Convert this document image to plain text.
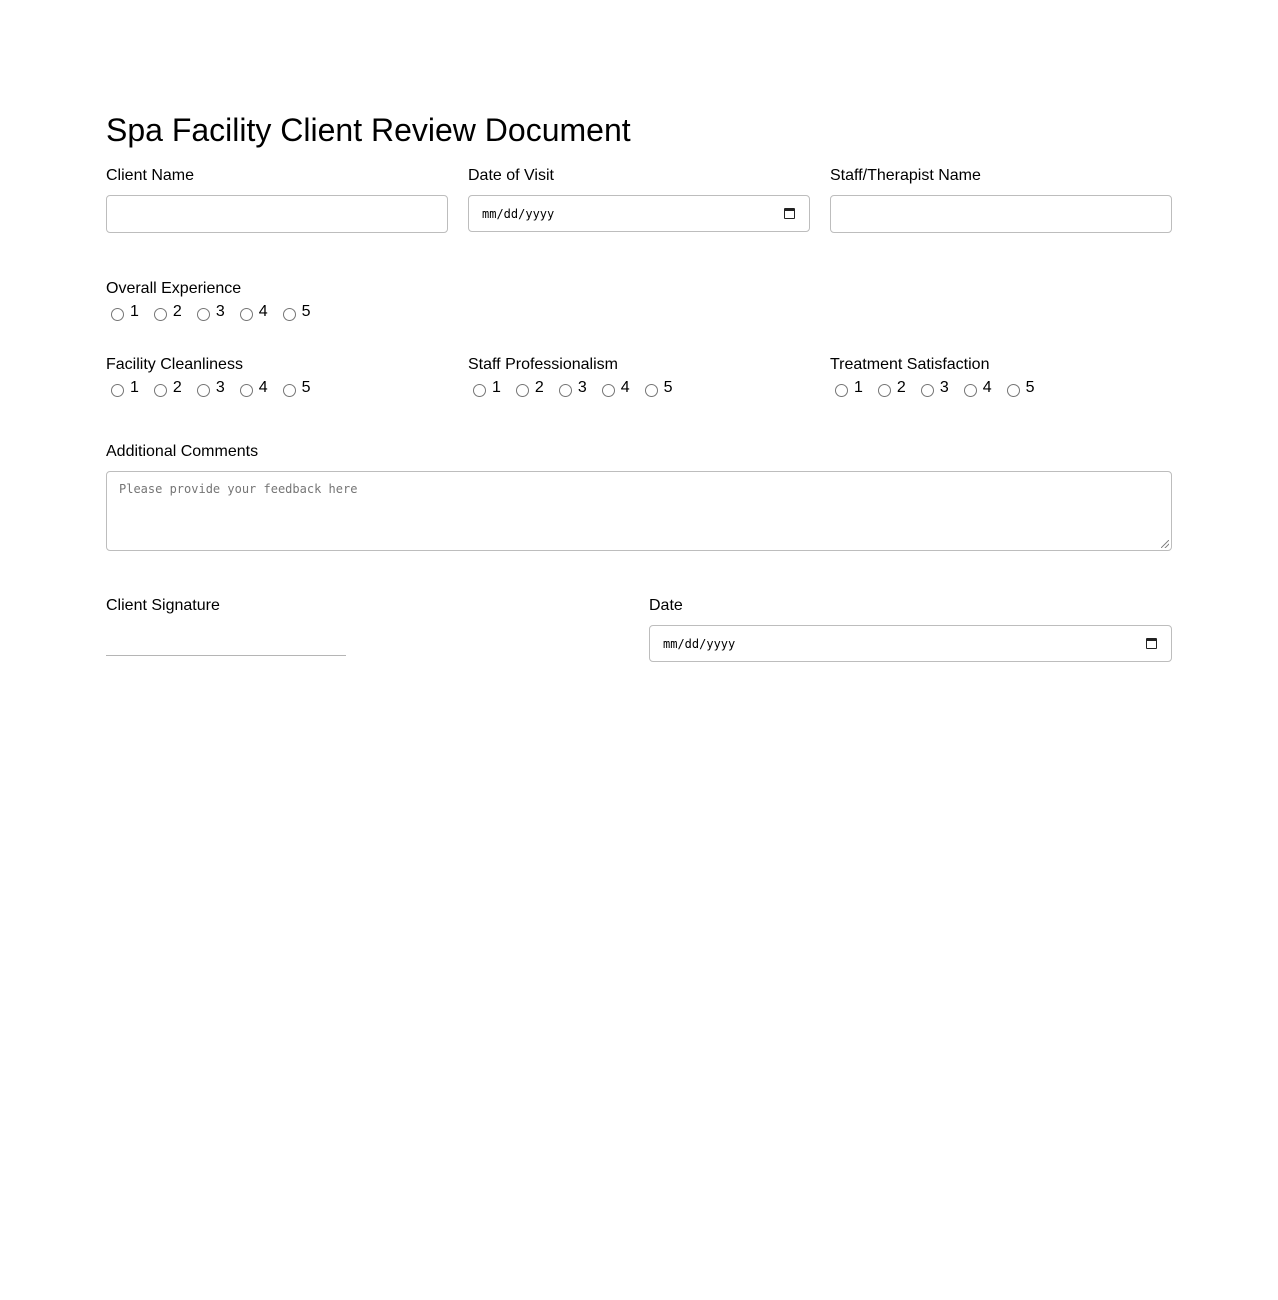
Spa Facility Client Review Document
Client Name	Date of Visit
mm/dd/yyyy
Staff/Therapist Name
Overall Experience
1 2 3 4 5
Facility Cleanliness
1 2 3 4 5
Staff Professionalism
1 2 3 4 5
Treatment Satisfaction
1 2 3 4 5
Additional Comments
Please provide your feedback here
Client Signature	Date
mm/dd/yyyy
